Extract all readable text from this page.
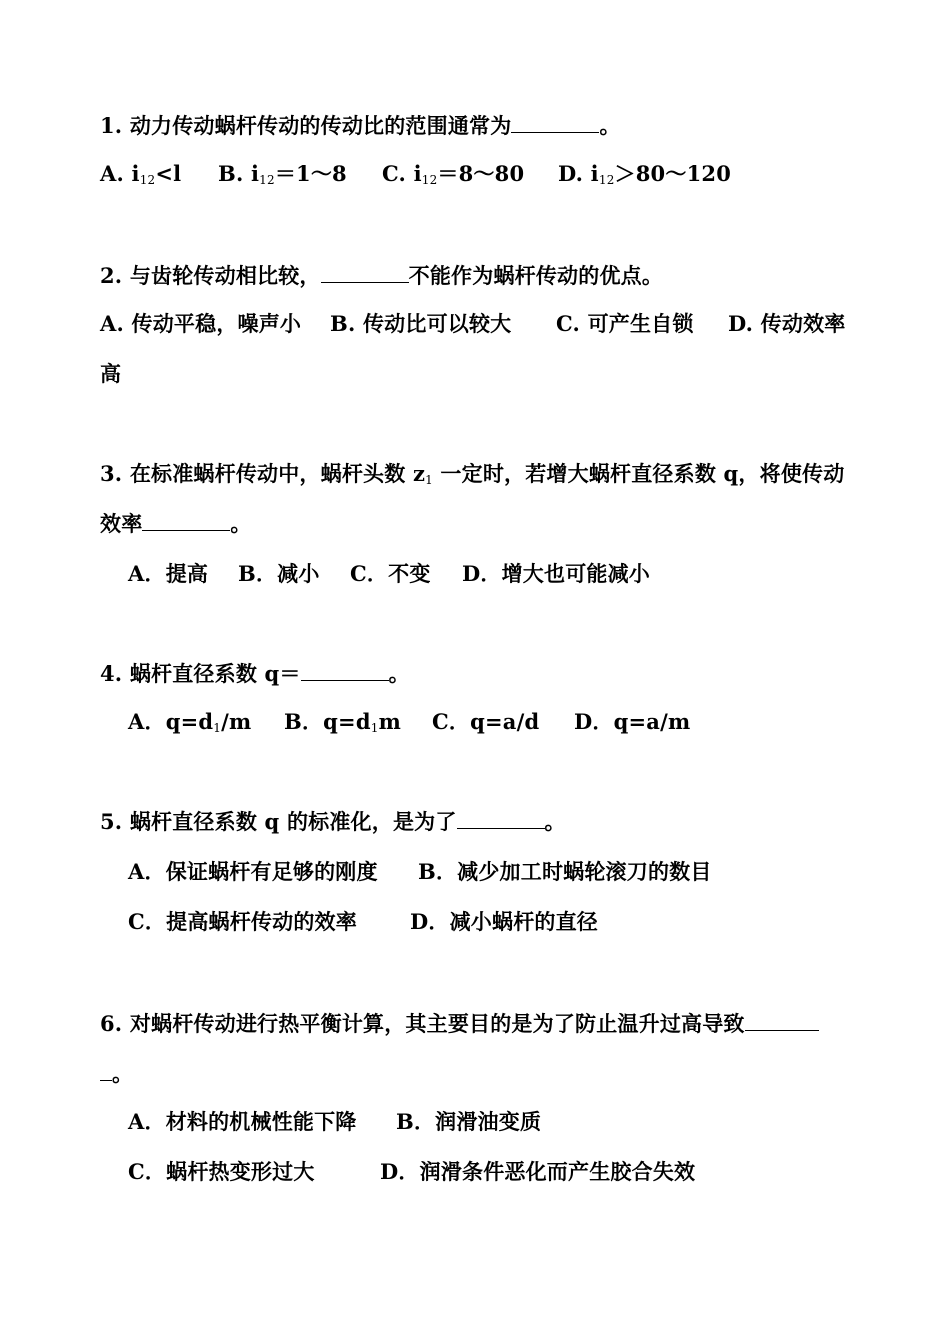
1. 动力传动蜗杆传动的传动比的范围通常为	。
A. $i_{12}<l$ B. $i_{12}=1\sim 8$ C. $i_{12}=8\sim 80$ D. $i_{12}>80\sim 120$
2. 与齿轮传动相比较，	不能作为蜗杆传动的优点。
A. 传动平稳，噪声小 B. 传动比可以较大 C. 可产生自锁 D. 传动效率
高
3. 在标准蜗杆传动中，蜗杆头数 $z_1$ 一定时，若增大蜗杆直径系数 q，将使传动
效率	。
A．提高 B．减小 C．不变 D．增大也可能减小
4. 蜗杆直径系数 q＝	。
A．$q=d_1/m$ B．$q=d_1m$ C．q=a/d D．q=a/m
5. 蜗杆直径系数 q 的标准化，是为了	。
A．保证蜗杆有足够的刚度 B．减少加工时蜗轮滚刀的数目
C．提高蜗杆传动的效率	D．减小蜗杆的直径
6. 对蜗杆传动进行热平衡计算，其主要目的是为了防止温升过高导致
。
A．材料的机械性能下降 B．润滑油变质
C．蜗杆热变形过大	D．润滑条件恶化而产生胶合失效
